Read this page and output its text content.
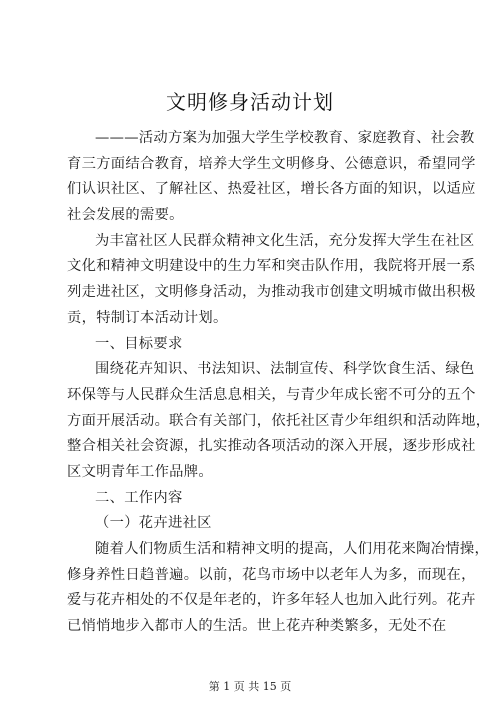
文明修身活动计划
———活动方案为加强大学生学校教育、家庭教育、社会教
育三方面结合教育，培养大学生文明修身、公德意识，希望同学
们认识社区、了解社区、热爱社区，增长各方面的知识，以适应
社会发展的需要。
为丰富社区人民群众精神文化生活，充分发挥大学生在社区
文化和精神文明建设中的生力军和突击队作用，我院将开展一系
列走进社区，文明修身活动，为推动我市创建文明城市做出积极
贡，特制订本活动计划。
一、目标要求
围绕花卉知识、书法知识、法制宣传、科学饮食生活、绿色
环保等与人民群众生活息息相关，与青少年成长密不可分的五个
方面开展活动。联合有关部门，依托社区青少年组织和活动阵地，
整合相关社会资源，扎实推动各项活动的深入开展，逐步形成社
区文明青年工作品牌。
二、工作内容
（一）花卉进社区
随着人们物质生活和精神文明的提高，人们用花来陶冶情操，
修身养性日趋普遍。以前，花鸟市场中以老年人为多，而现在，
爱与花卉相处的不仅是年老的，许多年轻人也加入此行列。花卉
已悄悄地步入都市人的生活。世上花卉种类繁多，无处不在
第 1 页 共 15 页
